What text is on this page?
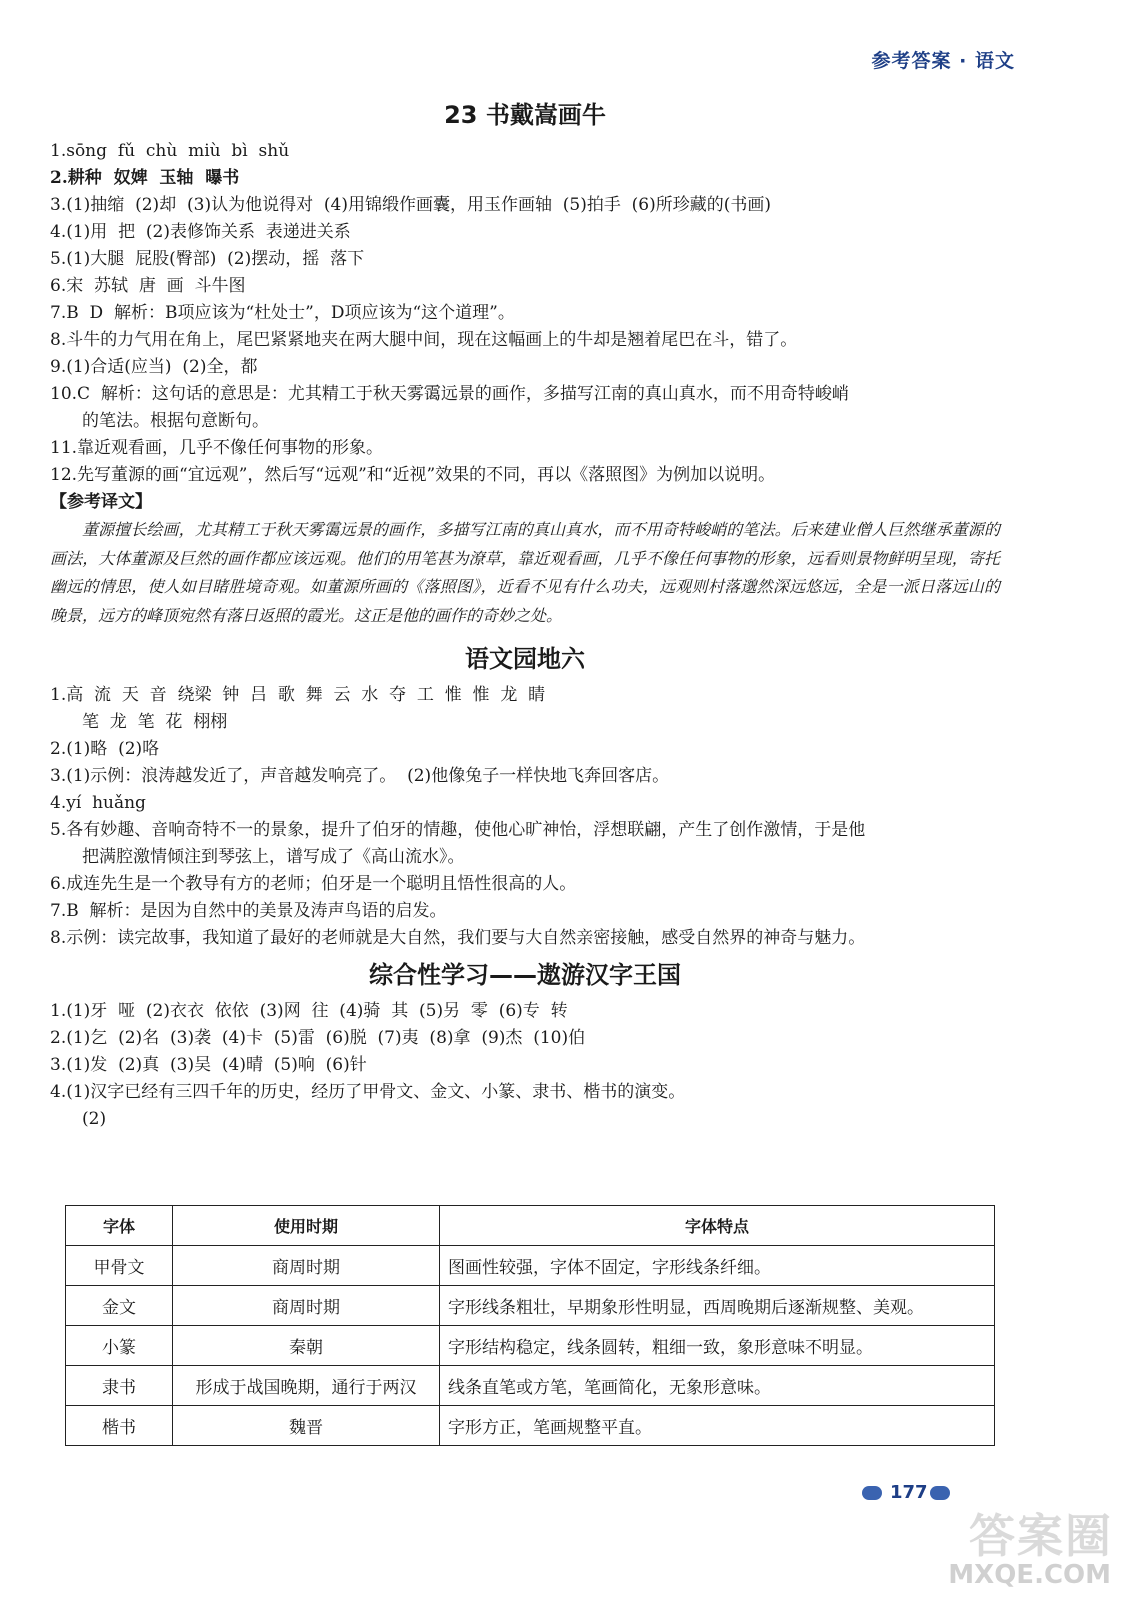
参考答案 · 语文
23 书戴嵩画牛
1.sōng  fǔ  chù  miù  bì  shǔ
2.耕种  奴婢  玉轴  曝书
3.(1)抽缩  (2)却  (3)认为他说得对  (4)用锦缎作画囊，用玉作画轴  (5)拍手  (6)所珍藏的(书画)
4.(1)用  把  (2)表修饰关系  表递进关系
5.(1)大腿  屁股(臀部)  (2)摆动，摇  落下
6.宋  苏轼  唐  画  斗牛图
7.B  D  解析：B项应该为“杜处士”，D项应该为“这个道理”。
8.斗牛的力气用在角上，尾巴紧紧地夹在两大腿中间，现在这幅画上的牛却是翘着尾巴在斗，错了。
9.(1)合适(应当)  (2)全，都
10.C  解析：这句话的意思是：尤其精工于秋天雾霭远景的画作，多描写江南的真山真水，而不用奇特峻峭
的笔法。根据句意断句。
11.靠近观看画，几乎不像任何事物的形象。
12.先写董源的画“宜远观”，然后写“远观”和“近视”效果的不同，再以《落照图》为例加以说明。
【参考译文】

董源擅长绘画，尤其精工于秋天雾霭远景的画作，多描写江南的真山真水，而不用奇特峻峭的笔法。后来建业僧人巨然继承董源的画法，大体董源及巨然的画作都应该远观。他们的用笔甚为潦草，靠近观看画，几乎不像任何事物的形象，远看则景物鲜明呈现，寄托幽远的情思，使人如目睹胜境奇观。如董源所画的《落照图》，近看不见有什么功夫，远观则村落邈然深远悠远，全是一派日落远山的晚景，远方的峰顶宛然有落日返照的霞光。这正是他的画作的奇妙之处。

语文园地六
1.高  流  天  音  绕梁  钟  吕  歌  舞  云  水  夺  工  惟  惟  龙  睛
笔  龙  笔  花  栩栩
2.(1)略  (2)咯
3.(1)示例：浪涛越发近了，声音越发响亮了。  (2)他像兔子一样快地飞奔回客店。
4.yí  huǎng
5.各有妙趣、音响奇特不一的景象，提升了伯牙的情趣，使他心旷神怡，浮想联翩，产生了创作激情，于是他
把满腔激情倾注到琴弦上，谱写成了《高山流水》。
6.成连先生是一个教导有方的老师；伯牙是一个聪明且悟性很高的人。
7.B  解析：是因为自然中的美景及涛声鸟语的启发。
8.示例：读完故事，我知道了最好的老师就是大自然，我们要与大自然亲密接触，感受自然界的神奇与魅力。
综合性学习——遨游汉字王国
1.(1)牙  哑  (2)衣衣  依依  (3)网  往  (4)骑  其  (5)另  零  (6)专  转
2.(1)乞  (2)名  (3)袭  (4)卡  (5)雷  (6)脱  (7)夷  (8)拿  (9)杰  (10)伯
3.(1)发  (2)真  (3)吴  (4)晴  (5)响  (6)针
4.(1)汉字已经有三四千年的历史，经历了甲骨文、金文、小篆、隶书、楷书的演变。
(2)
字体	使用时期	字体特点
甲骨文	商周时期	图画性较强，字体不固定，字形线条纤细。
金文	商周时期	字形线条粗壮，早期象形性明显，西周晚期后逐渐规整、美观。
小篆	秦朝	字形结构稳定，线条圆转，粗细一致，象形意味不明显。
隶书	形成于战国晚期，通行于两汉	线条直笔或方笔，笔画简化，无象形意味。
楷书	魏晋	字形方正，笔画规整平直。
177
答案圈
MXQE.COM
